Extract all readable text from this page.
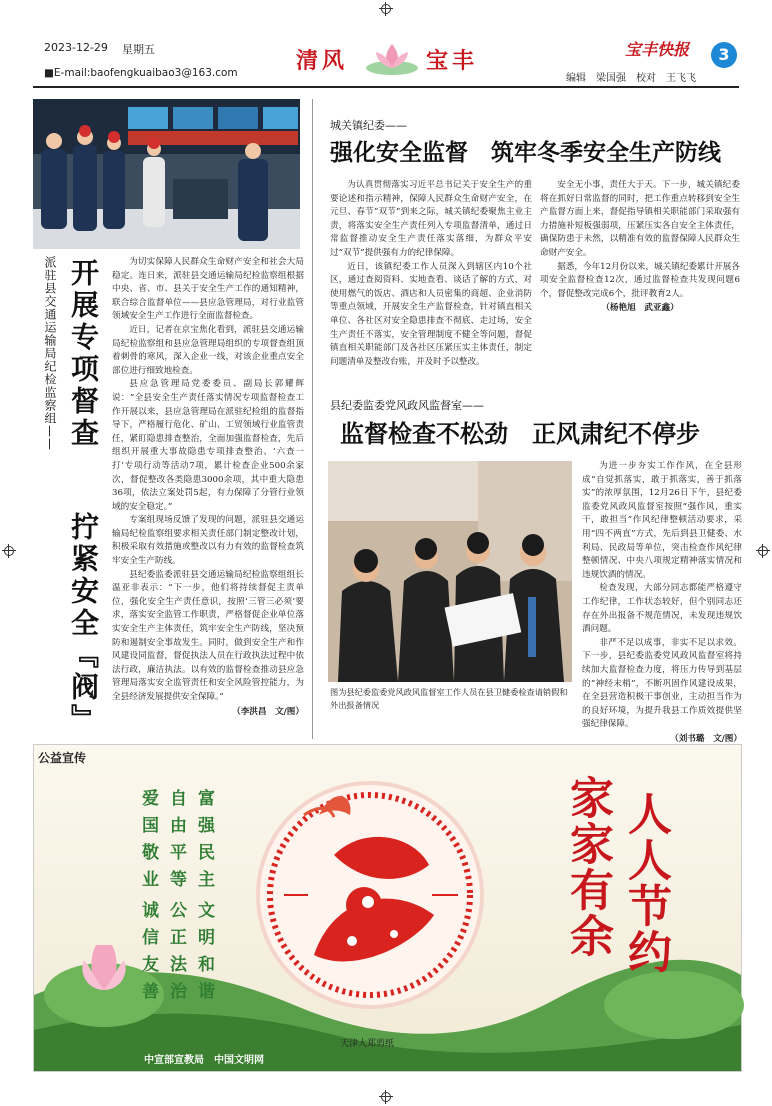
2023-12-29 星期五
■E-mail:baofengkuaibao3@163.com	清风	宝丰	宝丰快报	3
编辑　梁国强　校对　王飞飞
派驻县交通运输局纪检监察组—— 开展专项督查
拧紧安全『阀』

为切实保障人民群众生命财产安全和社会大局稳定。连日来，派驻县交通运输局纪检监察组根据中央、省、市、县关于安全生产工作的通知精神，联合综合监督单位——县应急管理局，对行业监管领域安全生产工作进行全面监督检查。

近日，记者在京宝焦化看到，派驻县交通运输局纪检监察组和县应急管理局组织的专项督查组顶着刺骨的寒风，深入企业一线，对该企业重点安全部位进行细致地检查。

县应急管理局党委委员、副局长郭耀辉说：“全县安全生产责任落实情况专项监督检查工作开展以来，县应急管理局在派驻纪检组的监督指导下，严格履行危化、矿山、工贸领域行业监管责任，紧盯隐患排查整治，全面加强监督检查，先后组织开展重大事故隐患专项排查整治、‘六查一打’专项行动等活动7项，累计检查企业500余家次，督促整改各类隐患3000余项，其中重大隐患36项，依法立案处罚5起，有力保障了分管行业领域的安全稳定。”

专案组现场反馈了发现的问题，派驻县交通运输局纪检监察组要求相关责任部门制定整改计划，积极采取有效措施或整改以有力有效的监督检查筑牢安全生产防线。

县纪委监委派驻县交通运输局纪检监察组组长温亚非表示：“下一步，他们将持续督促主责单位，强化安全生产责任意识，按照‘三管三必须’要求，落实安全监管工作职责，严格督促企业单位落实安全生产主体责任，筑牢安全生产防线，坚决预防和遏制安全事故发生。同时，做到安全生产和作风建设同监督，督促执法人员在行政执法过程中依法行政，廉洁执法。以有效的监督检查推动县应急管理局落实安全监管责任和安全风险管控能力，为全县经济发展提供安全保障。”

（李洪昌　文/图）
城关镇纪委——
强化安全监督　筑牢冬季安全生产防线

为认真贯彻落实习近平总书记关于安全生产的重要论述和指示精神，保障人民群众生命财产安全，在元旦、春节“双节”到来之际，城关镇纪委聚焦主业主责，将落实安全生产责任列入专项监督清单，通过日常监督推动安全生产责任落实落细，为群众平安过“双节”提供强有力的纪律保障。

近日，该镇纪委工作人员深入到辖区内10个社区，通过查阅资料、实地查看、谈话了解的方式，对使用燃气的饭店、酒店和人员密集的商超、企业消防等重点领域，开展安全生产监督检查，针对镇直相关单位、各社区对安全隐患排查不彻底、走过场，安全生产责任不落实，安全管理制度不健全等问题，督促镇直相关职能部门及各社区压紧压实主体责任，制定问题清单及整改台账，并及时予以整改。

安全无小事，责任大于天。下一步，城关镇纪委将在抓好日常监督的同时，把工作重点转移到安全生产监督方面上来，督促指导镇相关职能部门采取强有力措施补短板强弱项，压紧压实各自安全主体责任，确保防患于未然，以精准有效的监督保障人民群众生命财产安全。

据悉，今年12月份以来，城关镇纪委累计开展各项安全监督检查12次，通过监督检查共发现问题6个，督促整改完成6个，批评教育2人。

（杨艳旭　武亚鑫）
县纪委监委党风政风监督室——
监督检查不松劲　正风肃纪不停步
图为县纪委监委党风政风监督室工作人员在县卫健委检查请销假和外出报备情况

为进一步夯实工作作风，在全县形成“自觉抓落实，敢于抓落实，善于抓落实”的浓厚氛围，12月26日下午，县纪委监委党风政风监督室按照“强作风，重实干，敢担当”作风纪律整顿活动要求，采用“四不两直”方式，先后到县卫健委、水利局、民政局等单位，突击检查作风纪律整顿情况、中央八项规定精神落实情况和违规饮酒的情况。

检查发现，大部分同志都能严格遵守工作纪律，工作状态较好，但个别同志还存在外出报备不规范情况，未发现违规饮酒问题。

非严不足以成事，非实不足以求效。下一步，县纪委监委党风政风监督室将持续加大监督检查力度，将压力传导到基层的“神经末梢”，不断巩固作风建设成果，在全县营造积极干事创业，主动担当作为的良好环境，为提升我县工作质效提供坚强纪律保障。

（刘书璐　文/图）
公益宣传
富强民主
文明和谐
自由平等
公正法治
爱国敬业
诚信友善	人人节约
家家有余
天津大郑剪纸
中宣部宣教局　中国文明网
